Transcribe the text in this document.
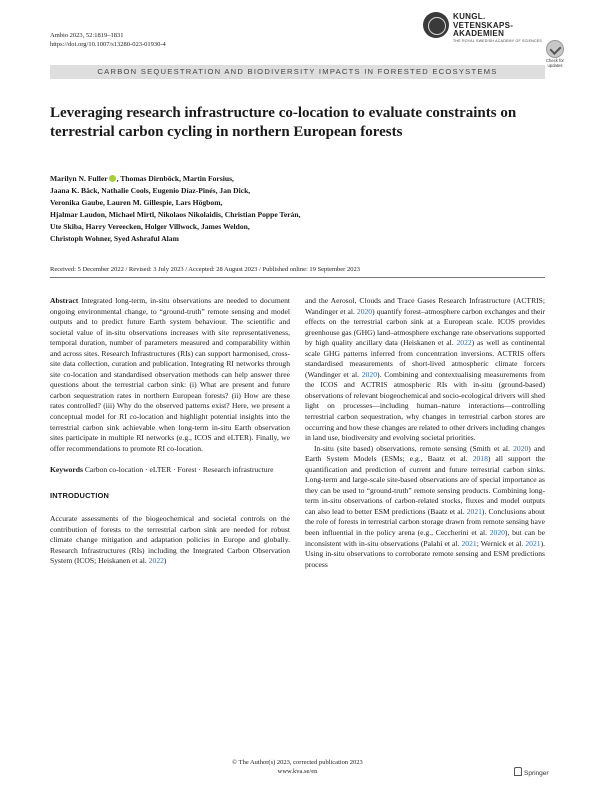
Ambio 2023, 52:1819–1831
https://doi.org/10.1007/s13280-023-01930-4
KUNGL.
VETENSKAPS-
AKADEMIEN
THE ROYAL SWEDISH ACADEMY OF SCIENCES
Check for
updates
CARBON SEQUESTRATION AND BIODIVERSITY IMPACTS IN FORESTED ECOSYSTEMS
Leveraging research infrastructure co-location to evaluate constraints on terrestrial carbon cycling in northern European forests
Marilyn N. Fuller , Thomas Dirnböck, Martin Forsius,
Jaana K. Bäck, Nathalie Cools, Eugenio Díaz-Pinés, Jan Dick,
Veronika Gaube, Lauren M. Gillespie, Lars Högbom,
Hjalmar Laudon, Michael Mirtl, Nikolaos Nikolaidis, Christian Poppe Terán,
Ute Skiba, Harry Vereecken, Holger Villwock, James Weldon,
Christoph Wohner, Syed Ashraful Alam
Received: 5 December 2022 / Revised: 3 July 2023 / Accepted: 28 August 2023 / Published online: 19 September 2023

Abstract Integrated long-term, in-situ observations are needed to document ongoing environmental change, to “ground-truth” remote sensing and model outputs and to predict future Earth system behaviour. The scientific and societal value of in-situ observations increases with site representativeness, temporal duration, number of parameters measured and comparability within and across sites. Research Infrastructures (RIs) can support harmonised, cross-site data collection, curation and publication. Integrating RI networks through site co-location and standardised observation methods can help answer three questions about the terrestrial carbon sink: (i) What are present and future carbon sequestration rates in northern European forests? (ii) How are these rates controlled? (iii) Why do the observed patterns exist? Here, we present a conceptual model for RI co-location and highlight potential insights into the terrestrial carbon sink achievable when long-term in-situ Earth observation sites participate in multiple RI networks (e.g., ICOS and eLTER). Finally, we offer recommendations to promote RI co-location.

Keywords Carbon co-location · eLTER · Forest · Research infrastructure

INTRODUCTION

Accurate assessments of the biogeochemical and societal controls on the contribution of forests to the terrestrial carbon sink are needed for robust climate change mitigation and adaptation policies in Europe and globally. Research Infrastructures (RIs) including the Integrated Carbon Observation System (ICOS; Heiskanen et al. 2022)

and the Aerosol, Clouds and Trace Gases Research Infrastructure (ACTRIS; Wandinger et al. 2020) quantify forest–atmosphere carbon exchanges and their effects on the terrestrial carbon sink at a European scale. ICOS provides greenhouse gas (GHG) land–atmosphere exchange rate observations supported by high quality ancillary data (Heiskanen et al. 2022) as well as continental scale GHG patterns inferred from concentration inversions. ACTRIS offers standardised measurements of short-lived atmospheric climate forcers (Wandinger et al. 2020). Combining and contextualising measurements from the ICOS and ACTRIS atmospheric RIs with in-situ (ground-based) observations of relevant biogeochemical and socio-ecological drivers will shed light on processes—including human–nature interactions—controlling terrestrial carbon sequestration, why changes in terrestrial carbon stores are occurring and how these changes are related to other drivers including changes in land use, biodiversity and evolving societal priorities.

In-situ (site based) observations, remote sensing (Smith et al. 2020) and Earth System Models (ESMs; e.g., Baatz et al. 2018) all support the quantification and prediction of current and future terrestrial carbon sinks. Long-term and large-scale site-based observations are of special importance as they can be used to “ground-truth” remote sensing products. Combining long-term in-situ observations of carbon-related stocks, fluxes and model outputs can also lead to better ESM predictions (Baatz et al. 2021). Conclusions about the role of forests in terrestrial carbon storage drawn from remote sensing have been influential in the policy arena (e.g., Ceccherini et al. 2020), but can be inconsistent with in-situ observations (Palahí et al. 2021; Wernick et al. 2021). Using in-situ observations to corroborate remote sensing and ESM predictions process

© The Author(s) 2023, corrected publication 2023
www.kva.se/en	Springer
